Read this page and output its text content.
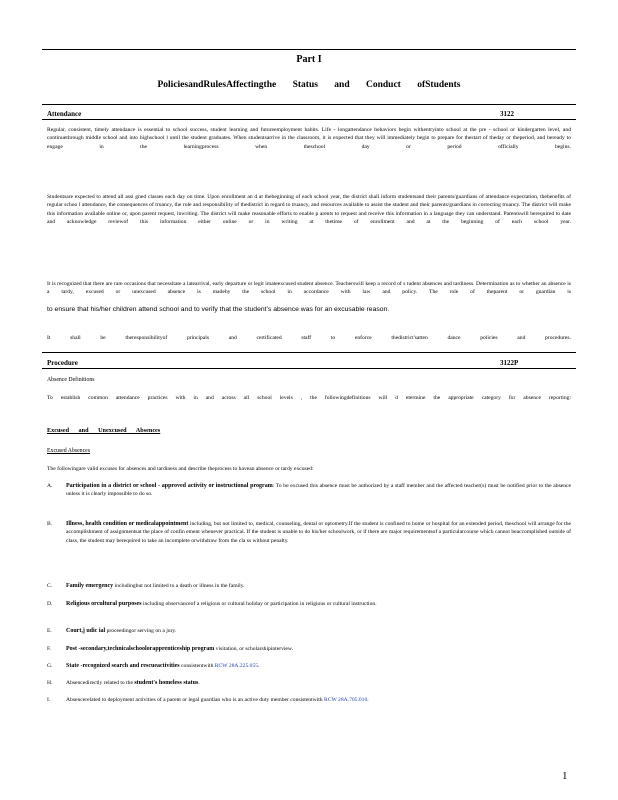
Part I
PoliciesandRulesAffectingthe Status and Conduct ofStudents
Attendance	3122
Regular, consistent, timely attendance is essential to school success, student learning and futureemployment habits. Life - longattendance behaviors begin withentryinto school at the pre - school or kindergarten level, and continuethrough middle school and into highschool l until the student graduates. When studentsarrive in the classroom, it is expected that they will immediately begin to prepare for thestart of theday or theperiod, and beready to engage in the learningprocess when theschool day or period officially begins.
Studentsare expected to attend all assi gned classes each day on time. Upon enrollment an d at thebeginning of each school year, the district shall inform studentsand their parents/guardians of attendance expectation, thebenefits of regular schoo l attendance, the consequences of truancy, the role and responsibility of thedistrict in regard to truancy, and resources available to assist the student and their parents/guardians in correcting truancy. The district will make this information available online or, upon parent request, inwriting. The district will make reasonable efforts to enable p arents to request and receive this information in a language they can understand. Parentswill berequired to date and acknowledge reviewof this information either online or in writing at thetime of enrollment and at the beginning of each school year.
It is recognized that there are rare occasions that necessitate a latearrival, early departure or legit imateexcused student absence. Teacherswill keep a record of s tudent absences and tardiness. Determination as to whether an absence is a tardy, excused or unexcused absence is madeby the school in accordance with law and policy. The role of theparent or guardian is
to ensure that his/her children attend school and to verify that the student’s absence was for an excusable reason.
It shall be theresponsibilityof principals and certificated staff to enforce thedistrict'satten dance policies and procedures.
Procedure	3122P
Absence Definitions
To establish common attendance practices with in and across all school levels , the followingdefinitions will d etermine the appropriate category for absence reporting:
Excused and Unexcused Absences
Excused Absences
The followingare valid excuses for absences and tardiness and describe theprocess to havean absence or tardy excused:
A. Participation in a district or school - approved activity or instructional program: To be excused this absence must be authorized by a staff member and the affected teacher(s) must be notified prior to the absence unless it is clearly impossible to do so.
B. Illness, health condition or medicalappointment including, but not limited to, medical, counseling, dental or optometry.If the student is confined to home or hospital for an extended period, theschool will arrange for the accomplishment of assignmentsat the place of confin ement whenever practical. If the student is unable to do his/her schoolwork, or if there are major requirementsof a particularcourse which cannot beaccomplished outside of class, the student may berequired to take an incomplete orwithdraw from the cla ss without penalty.
C. Family emergency includingbut not limited to a death or illness in the family.
D. Religious orcultural purposes including observanceof a religious or cultural holiday or participation in religious or cultural instruction.
E. Court,j udic ial proceedingor serving on a jury.
F. Post -secondary,technicalschoolorapprenticeship program visitation, or scholarshipinterview.
G. State -recognized search and rescueactivities consistentwith RCW 28A.225.055.
H. Absencedirectly related to the student's homeless status.
I.	Absencerelated to deployment activities of a parent or legal guardian who is an active duty member consistentwith RCW 28A.705.010.
1
